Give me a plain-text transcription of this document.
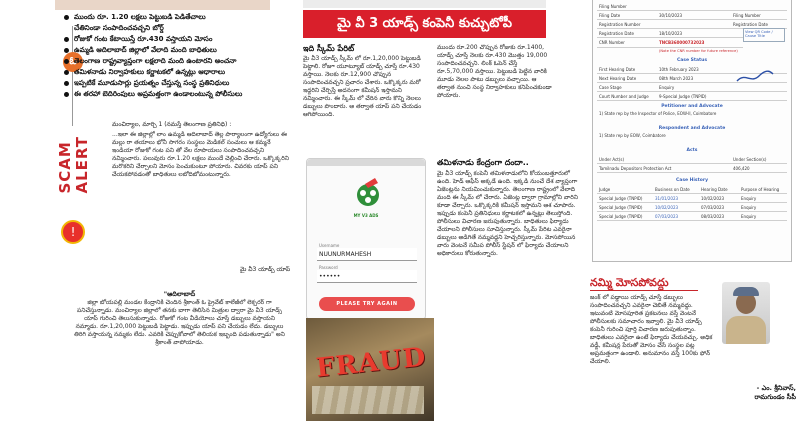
ఓ
ముందు రూ. 1.20 లక్షలు పెట్టుబడి పెడితేచాలు
చేతినిండా సంపాదించవచ్చని బోర్డ్
రోజుకో గంట కేటాయిస్తే రూ.430 వస్తాయని మోసం
ఉమ్మడి ఆదిలాబాద్ జిల్లాలో వేలాది మంది బాధితులు
తెలంగాణ రాష్ట్రవ్యాప్తంగా లక్షలాది మంది ఉంటారని అంచనా
తమిళనాడు నిర్వాహకులు కర్ణాటకలో ఉన్నట్లు ఆధారాలు
ఇప్పటికే మూడుసార్లు ప్రయత్నం చేస్తున్న సంస్థ ప్రతినిధులు
ఈ తరహా బెదిరింపులు అప్రమత్తంగా ఉండాలంటున్న పోలీసులు
మంచిర్యాల, మార్చి 1 (నమస్తే తెలంగాణ ప్రతినిధి) :
...ఇలా ఈ జిల్లాల్లో లాం ఉమ్మడి ఆదిలాబాద్ తెల్ల పార్యాలంగా ఉద్యోగులు ఈ మల్లు రా తయాలు భోనీ సాగరం సంస్థలు మెడికల్ సంచులు ఆ కమ్మనే ఇండియా రోజుకో గంట పని తో వేల రూపాయలు సంపాదించవచ్చని నమ్మించారు. పలువురు రూ.1.20 లక్షలు ముందే చెల్లించి చేరారు. ఒక్కొక్కరిని మరొకరిని చేర్చాలని మోసం పెంచుకుంటూ పోయారు. చివరకు యాప్ పని చేయకపోవడంతో బాధితులు లబోదిబోమంటున్నారు.
SCAM
ALERT
!
మై వీ3 యాడ్స్ యాప్
"ఆదిలాబాద్
జిల్లా బోయపల్లి మండల కేంద్రానికి చెందిన శ్రీకాంత్ ఓ ప్రైవేట్ కాలేజీలో లెక్చరర్ గా పనిచేస్తున్నాడు. మంచిర్యాల జిల్లాలో తనకు బాగా తెలిసిన మిత్రుల ద్వారా మై వీ3 యాడ్స్ యాప్ గురించి తెలుసుకున్నాడు. రోజుకో గంట వీడియోలు చూస్తే డబ్బులు వస్తాయని నమ్మాడు. రూ.1,20,000 పెట్టుబడి పెట్టాడు. ఇప్పుడు యాప్ పని చేయడం లేదు. డబ్బులు తిరిగి వస్తాయన్న నమ్మకం లేదు. ఎవరికి చెప్పుకోవాలో తెలియక ఇబ్బంది పడుతున్నాడు" అని శ్రీకాంత్ వాపోయాడు.
మై వీ 3 యాడ్స్ కంపెనీ కుచ్చుటోపీ
ఇది స్కీమ్ పేరిట్
మై వీ3 యాడ్స్ స్కీమ్ లో రూ.1,20,000 పెట్టుబడి పెట్టాలి. రోజూ యూట్యూబ్ యాడ్స్ చూస్తే రూ.430 వస్తాయి. నెలకు రూ.12,900 చొప్పున సంపాదించవచ్చని ప్రచారం చేశారు. ఒక్కొక్కరు మరో ఇద్దరిని చేర్పిస్తే అదనంగా కమీషన్ ఇస్తామని నమ్మించారు. ఈ స్కీమ్ లో చేరిన వారు కొన్ని నెలలు డబ్బులు పొందారు. ఆ తర్వాత యాప్ పని చేయడం ఆగిపోయింది.
ముందు రూ.200 చొప్పున రోజుకు రూ.1400, యాడ్స్ చూస్తే నెలకు రూ.430 మొత్తం 19,000 సంపాదించవచ్చని. లింక్ ఓపెన్ చేస్తే రూ.5,70,000 వస్తాయి. పెట్టుబడి పెట్టిన వారికి మూడు నెలల పాటు డబ్బులు వచ్చాయి. ఆ తర్వాత నుంచి సంస్థ నిర్వాహకులు కనిపించకుండా పోయారు.
తమిళనాడు కేంద్రంగా దందా..
మై వీ3 యాడ్స్ కంపెనీ తమిళనాడులోని కోయంబత్తూరులో ఉంది. హెడ్ ఆఫీస్ అక్కడే ఉంది. ఇక్కడి నుంచే దేశ వ్యాప్తంగా ఏజెంట్లను నియమించుకున్నారు. తెలంగాణ రాష్ట్రంలో వేలాది మంది ఈ స్కీమ్ లో చేరారు. ఏజెంట్ల ద్వారా గ్రామాల్లోని వారిని కూడా చేర్చారు. ఒక్కొక్కరికి కమీషన్ ఇస్తామని ఆశ చూపారు. ఇప్పుడు కంపెనీ ప్రతినిధులు కర్ణాటకలో ఉన్నట్లు తెలుస్తోంది. పోలీసులు విచారణ జరుపుతున్నారు. బాధితులు ఫిర్యాదు చేయాలని పోలీసులు సూచిస్తున్నారు. స్కీమ్ పేరిట ఎవరైనా డబ్బులు అడిగితే నమ్మవద్దని హెచ్చరిస్తున్నారు. మోసపోయిన వారు వెంటనే సమీప పోలీస్ స్టేషన్ లో ఫిర్యాదు చేయాలని అధికారులు కోరుతున్నారు.
MY V3 ADS
Username
NUUNURMAHESH
Password
••••••
PLEASE TRY AGAIN
FRAUD
Filing Number
Filing Date	30/10/2023	Filing Number
Registration Number	Registration Date
Registration Date	18/10/2023	View QR Code / Cause Title
CNR Number	TNCB360000732023
(Note the CNR number for future reference)
Case Status
First Hearing Date	10th February 2023
Next Hearing Date	08th March 2023
Case Stage	Enquiry
Court Number and Judge	9-Special Judge (TNPID)
Petitioner and Advocate
1) State rep by the Inspector of Police, EOW-II, Coimbatore
Respondent and Advocate
1) State rep by EOW, Coimbatore
Acts
Under Act(s)	Under Section(s)
Tamilnadu Depositors Protection Act	406,420
Case History
Judge	Business on Date	Hearing Date	Purpose of Hearing
Special Judge (TNPID)	31/01/2023	10/02/2023	Enquiry
Special Judge (TNPID)	10/02/2023	07/03/2023	Enquiry
Special Judge (TNPID)	07/03/2023	08/03/2023	Enquiry
నమ్మి మోసపోవద్దు
జంక్ లో పడ్డాయి యాడ్స్ చూస్తే డబ్బులు సంపాదించవచ్చని ఎవరైనా చెబితే నమ్మవద్దు. ఇటువంటి మోసపూరిత ప్రకటనలు వస్తే వెంటనే పోలీసులకు సమాచారం ఇవ్వాలి. మై వీ3 యాడ్స్ కంపెనీ గురించి పూర్తి విచారణ జరుపుతున్నాం. బాధితులు ఎవరైనా ఉంటే ఫిర్యాదు చేయవచ్చు. అధిక వడ్డీ, కమీషన్ల పేరుతో మోసం చేసే సంస్థల పట్ల అప్రమత్తంగా ఉండాలి. అనుమానం వస్తే 100కు ఫోన్ చేయాలి.
- ఎం. శ్రీనివాస్,
రామగుండం సీపీ
